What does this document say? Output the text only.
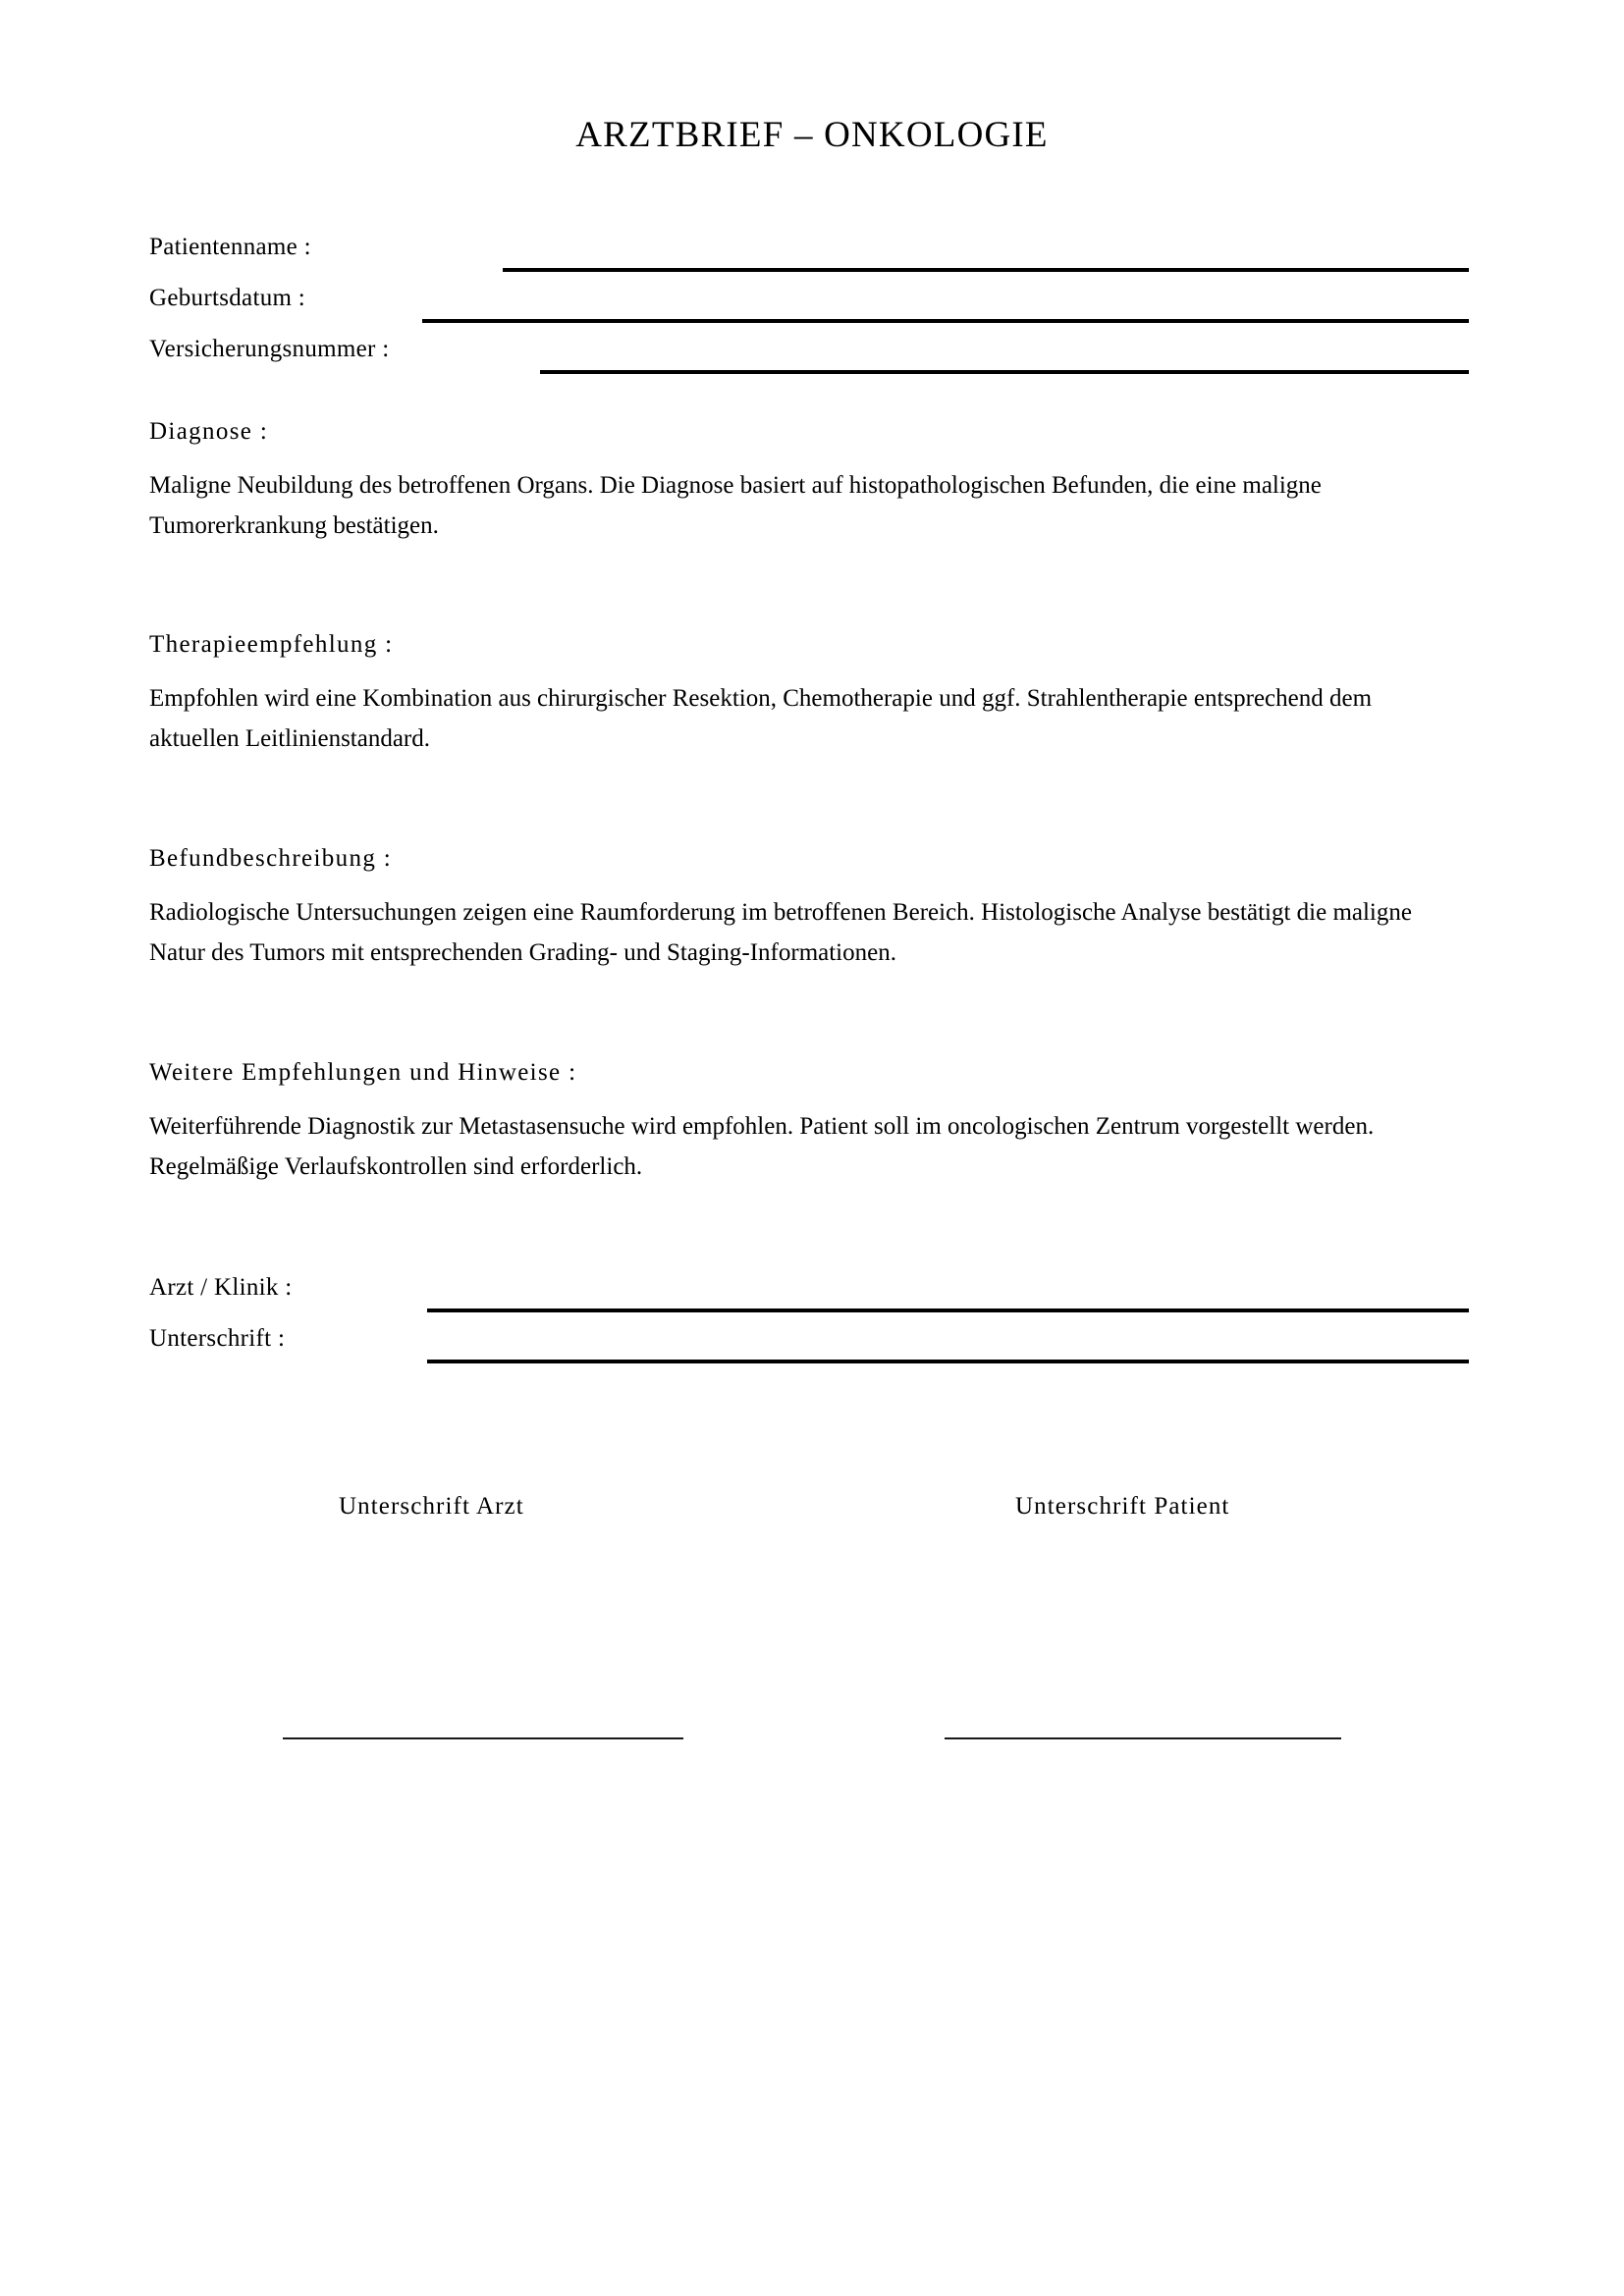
ARZTBRIEF – ONKOLOGIE
Patientenname :
Geburtsdatum :
Versicherungsnummer :
Diagnose :

Maligne Neubildung des betroffenen Organs. Die Diagnose basiert auf histopathologischen Befunden, die eine maligne Tumorerkrankung bestätigen.

Therapieempfehlung :

Empfohlen wird eine Kombination aus chirurgischer Resektion, Chemotherapie und ggf. Strahlentherapie entsprechend dem aktuellen Leitlinienstandard.

Befundbeschreibung :

Radiologische Untersuchungen zeigen eine Raumforderung im betroffenen Bereich. Histologische Analyse bestätigt die maligne Natur des Tumors mit entsprechenden Grading- und Staging-Informationen.

Weitere Empfehlungen und Hinweise :

Weiterführende Diagnostik zur Metastasensuche wird empfohlen. Patient soll im oncologischen Zentrum vorgestellt werden. Regelmäßige Verlaufskontrollen sind erforderlich.

Arzt / Klinik :
Unterschrift :
Unterschrift Arzt	Unterschrift Patient
